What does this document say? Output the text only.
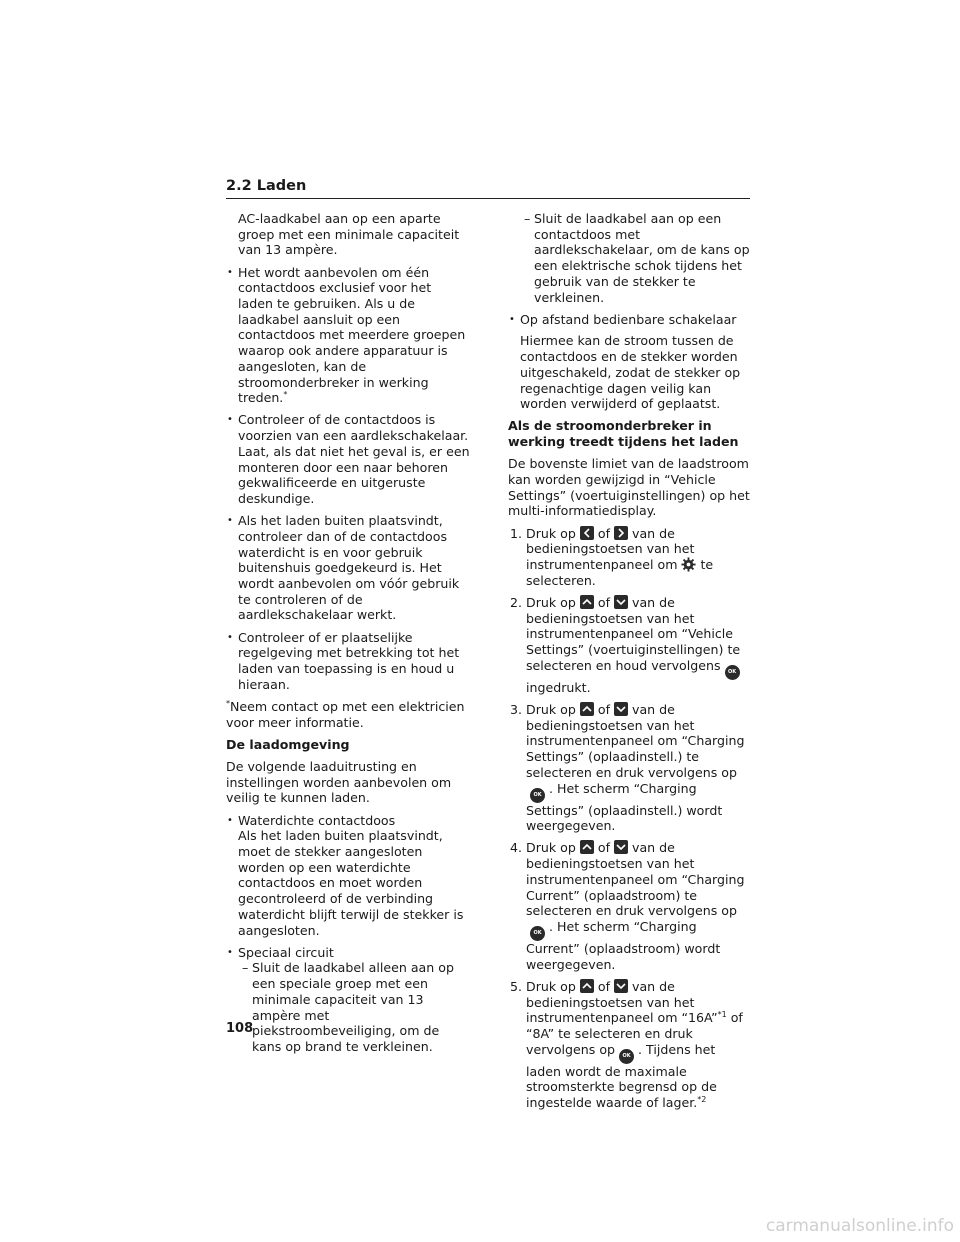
2.2 Laden

AC-laadkabel aan op een aparte groep met een minimale capaciteit van 13 ampère.

• Het wordt aanbevolen om één contactdoos exclusief voor het laden te gebruiken. Als u de laadkabel aansluit op een contactdoos met meerdere groepen waarop ook andere apparatuur is aangesloten, kan de stroomonderbreker in werking treden.*
• Controleer of de contactdoos is voorzien van een aardlekschakelaar. Laat, als dat niet het geval is, er een monteren door een naar behoren gekwalificeerde en uitgeruste deskundige.
• Als het laden buiten plaatsvindt, controleer dan of de contactdoos waterdicht is en voor gebruik buitenshuis goedgekeurd is. Het wordt aanbevolen om vóór gebruik te controleren of de aardlekschakelaar werkt.
• Controleer of er plaatselijke regelgeving met betrekking tot het laden van toepassing is en houd u hieraan.

*Neem contact op met een elektricien voor meer informatie.

De laadomgeving

De volgende laaduitrusting en instellingen worden aanbevolen om veilig te kunnen laden.

• Waterdichte contactdoos
Als het laden buiten plaatsvindt, moet de stekker aangesloten worden op een waterdichte contactdoos en moet worden gecontroleerd of de verbinding waterdicht blijft terwijl de stekker is aangesloten.
• Speciaal circuit
– Sluit de laadkabel alleen aan op een speciale groep met een minimale capaciteit van 13 ampère met piekstroombeveiliging, om de kans op brand te verkleinen.
– Sluit de laadkabel aan op een contactdoos met aardlekschakelaar, om de kans op een elektrische schok tijdens het gebruik van de stekker te verkleinen.
• Op afstand bedienbare schakelaar
Hiermee kan de stroom tussen de contactdoos en de stekker worden uitgeschakeld, zodat de stekker op regenachtige dagen veilig kan worden verwijderd of geplaatst.
Als de stroomonderbreker in werking treedt tijdens het laden

De bovenste limiet van de laadstroom kan worden gewijzigd in “Vehicle Settings” (voertuiginstellingen) op het multi-informatiedisplay.

1. Druk op of van de bedieningstoetsen van het instrumentenpaneel om te selecteren.
2. Druk op of van de bedieningstoetsen van het instrumentenpaneel om “Vehicle Settings” (voertuiginstellingen) te selecteren en houd vervolgens OKingedrukt.
3. Druk op of van de bedieningstoetsen van het instrumentenpaneel om “Charging Settings” (oplaadinstell.) te selecteren en druk vervolgens opOK . Het scherm “Charging Settings” (oplaadinstell.) wordt weergegeven.
4. Druk op of van de bedieningstoetsen van het instrumentenpaneel om “Charging Current” (oplaadstroom) te selecteren en druk vervolgens opOK . Het scherm “Charging Current” (oplaadstroom) wordt weergegeven.
5. Druk op of van de bedieningstoetsen van het instrumentenpaneel om “16A”$^{*1}$ of “8A” te selecteren en druk vervolgens op OK . Tijdens het laden wordt de maximale stroomsterkte begrensd op de ingestelde waarde of lager.$^{*2}$
108
carmanualsonline.info
